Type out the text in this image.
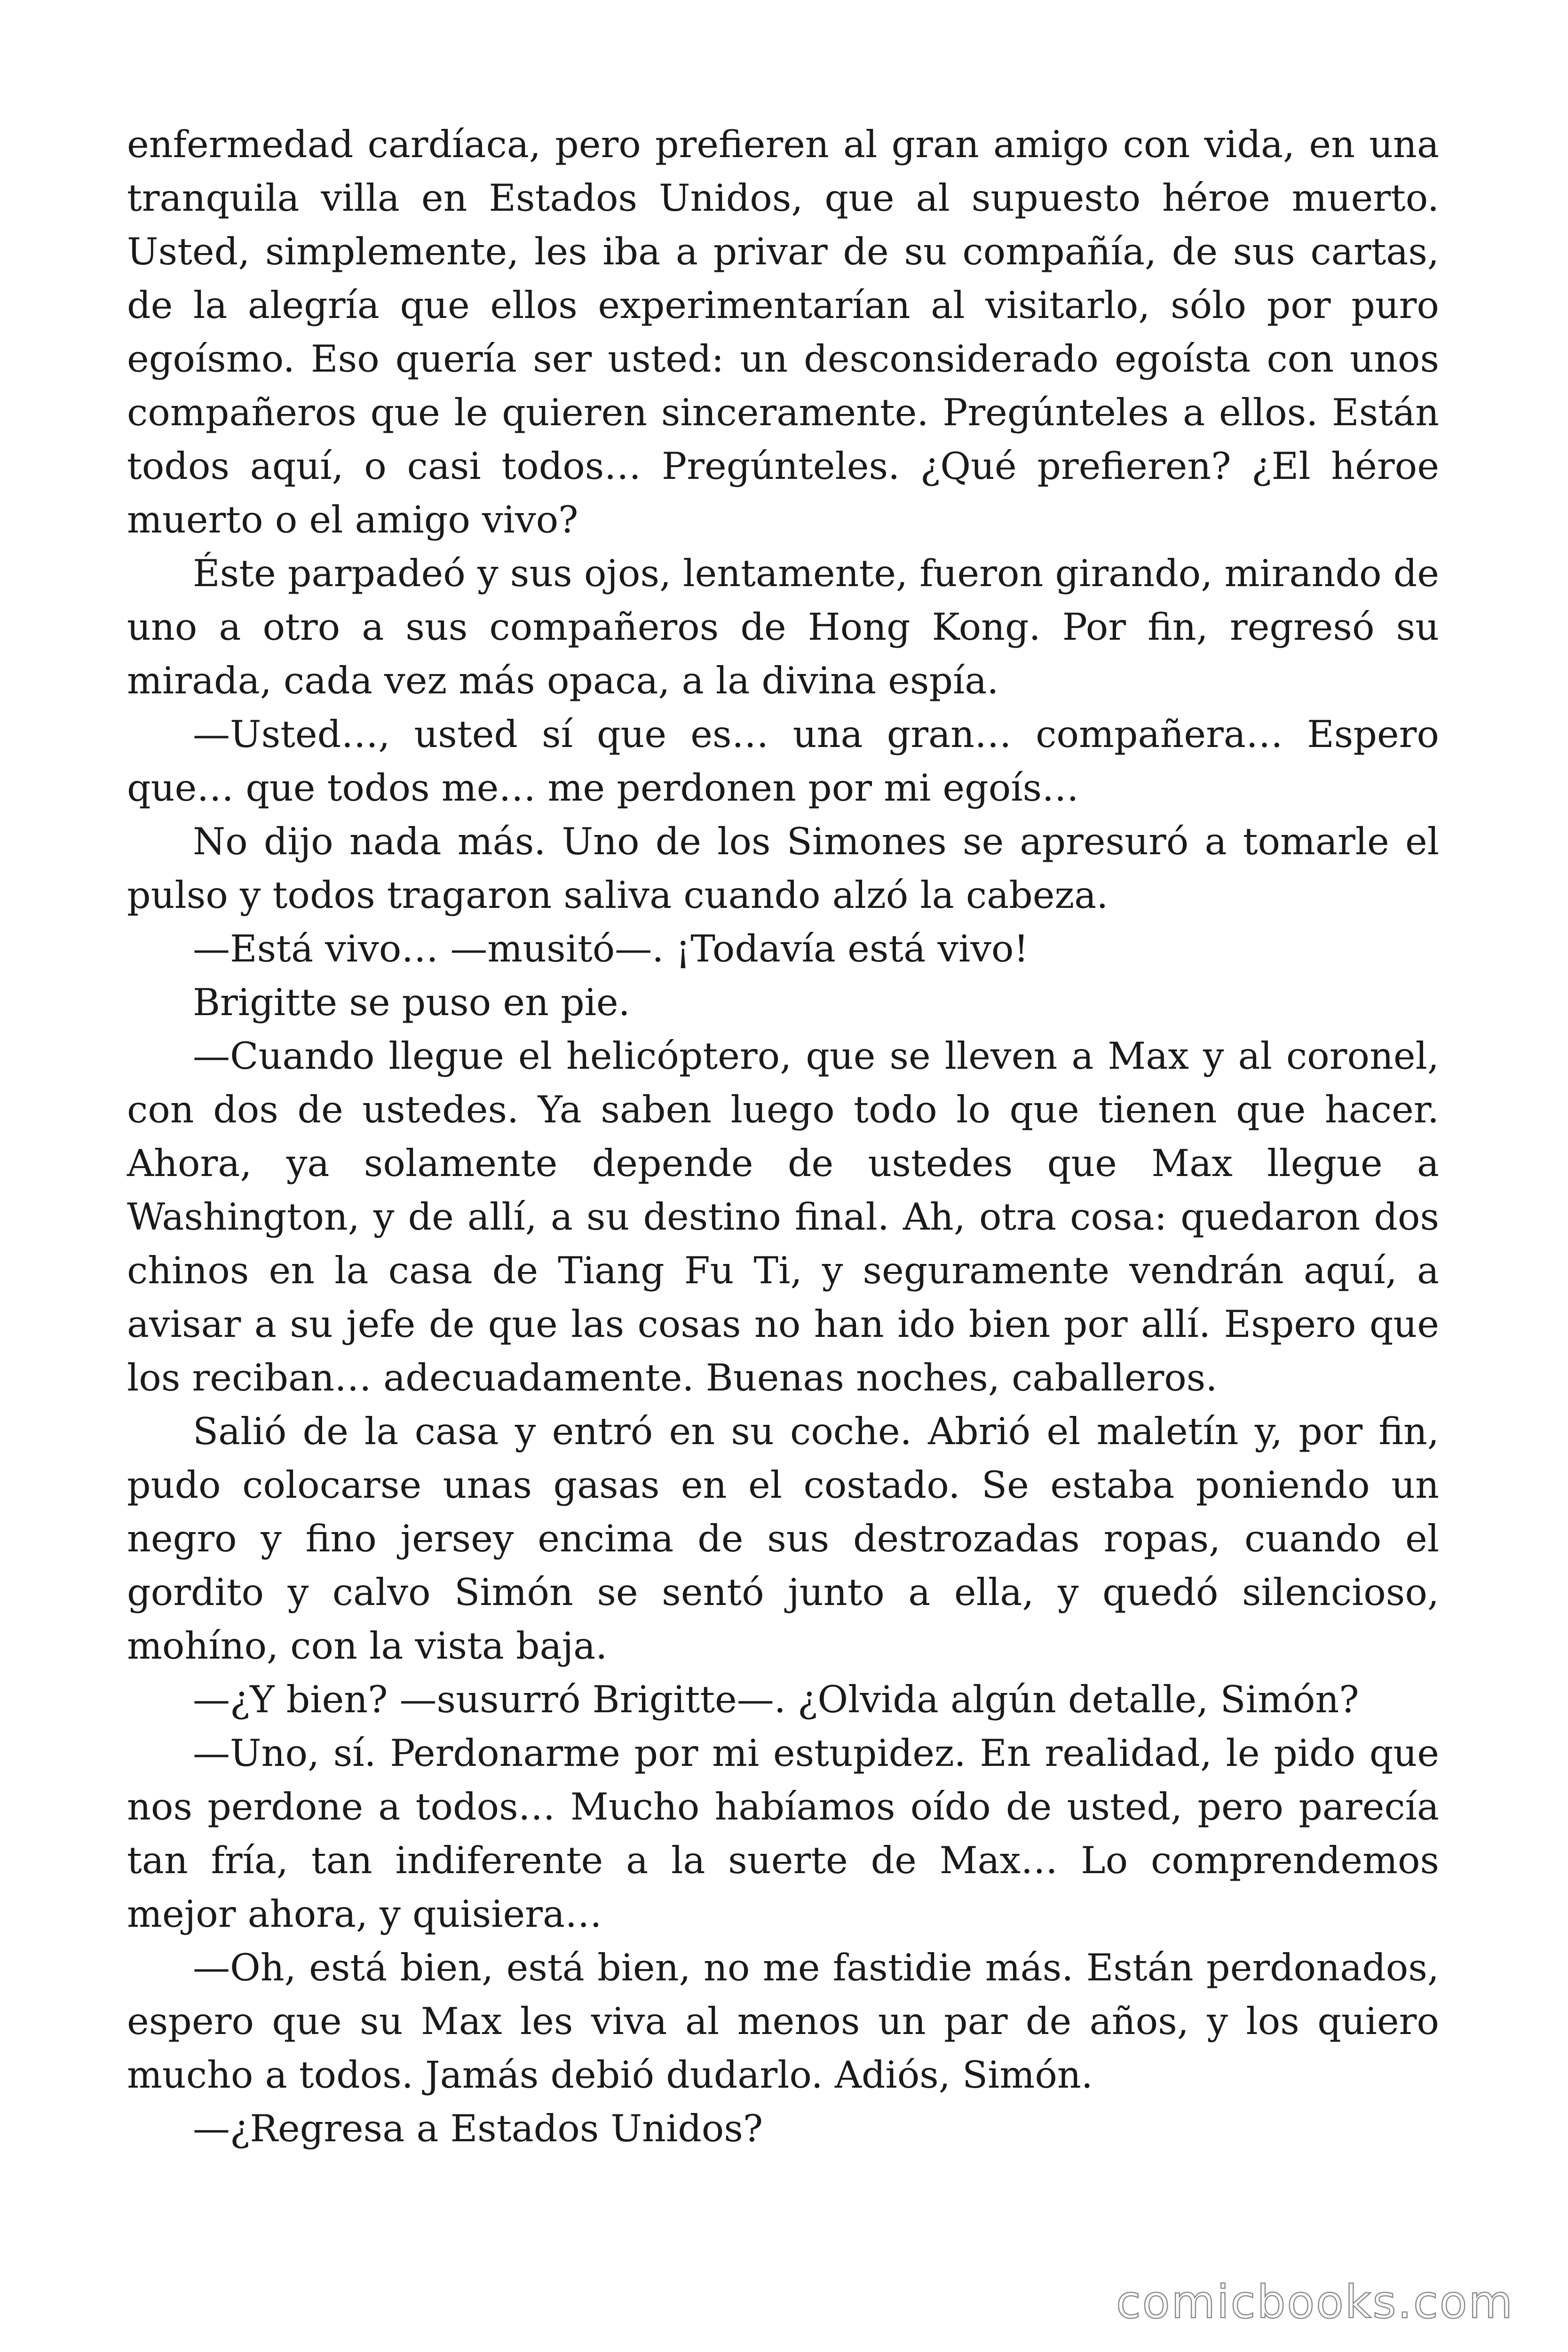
enfermedad cardíaca, pero prefieren al gran amigo con vida, en una tranquila villa en Estados Unidos, que al supuesto héroe muerto. Usted, simplemente, les iba a privar de su compañía, de sus cartas, de la alegría que ellos experimentarían al visitarlo, sólo por puro egoísmo. Eso quería ser usted: un desconsiderado egoísta con unos compañeros que le quieren sinceramente. Pregúnteles a ellos. Están todos aquí, o casi todos… Pregúnteles. ¿Qué prefieren? ¿El héroe muerto o el amigo vivo?

Éste parpadeó y sus ojos, lentamente, fueron girando, mirando de uno a otro a sus compañeros de Hong Kong. Por fin, regresó su mirada, cada vez más opaca, a la divina espía.

—Usted…, usted sí que es… una gran… compañera… Espero que… que todos me… me perdonen por mi egoís…

No dijo nada más. Uno de los Simones se apresuró a tomarle el pulso y todos tragaron saliva cuando alzó la cabeza.

—Está vivo… —musitó—. ¡Todavía está vivo!

Brigitte se puso en pie.

—Cuando llegue el helicóptero, que se lleven a Max y al coronel, con dos de ustedes. Ya saben luego todo lo que tienen que hacer. Ahora, ya solamente depende de ustedes que Max llegue a Washington, y de allí, a su destino final. Ah, otra cosa: quedaron dos chinos en la casa de Tiang Fu Ti, y seguramente vendrán aquí, a avisar a su jefe de que las cosas no han ido bien por allí. Espero que los reciban… adecuadamente. Buenas noches, caballeros.

Salió de la casa y entró en su coche. Abrió el maletín y, por fin, pudo colocarse unas gasas en el costado. Se estaba poniendo un negro y fino jersey encima de sus destrozadas ropas, cuando el gordito y calvo Simón se sentó junto a ella, y quedó silencioso, mohíno, con la vista baja.

—¿Y bien? —susurró Brigitte—. ¿Olvida algún detalle, Simón?

—Uno, sí. Perdonarme por mi estupidez. En realidad, le pido que nos perdone a todos… Mucho habíamos oído de usted, pero parecía tan fría, tan indiferente a la suerte de Max… Lo comprendemos mejor ahora, y quisiera…

—Oh, está bien, está bien, no me fastidie más. Están perdonados, espero que su Max les viva al menos un par de años, y los quiero mucho a todos. Jamás debió dudarlo. Adiós, Simón.

—¿Regresa a Estados Unidos?

comicbooks.com
